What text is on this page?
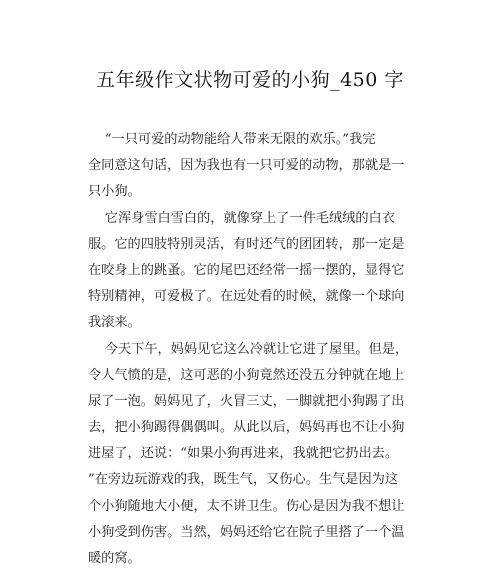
五年级作文状物可爱的小狗_450 字
“一只可爱的动物能给人带来无限的欢乐。”我完
全同意这句话，因为我也有一只可爱的动物，那就是一
只小狗。
它浑身雪白雪白的，就像穿上了一件毛绒绒的白衣
服。它的四肢特别灵活，有时还气的团团转，那一定是
在咬身上的跳蚤。它的尾巴还经常一摇一摆的，显得它
特别精神，可爱极了。在远处看的时候，就像一个球向
我滚来。
今天下午，妈妈见它这么冷就让它进了屋里。但是，
令人气愤的是，这可恶的小狗竟然还没五分钟就在地上
尿了一泡。妈妈见了，火冒三丈，一脚就把小狗踢了出
去，把小狗踢得偶偶叫。从此以后，妈妈再也不让小狗
进屋了，还说：“如果小狗再进来，我就把它扔出去。
”在旁边玩游戏的我，既生气，又伤心。生气是因为这
个小狗随地大小便，太不讲卫生。伤心是因为我不想让
小狗受到伤害。当然，妈妈还给它在院子里搭了一个温
暖的窝。
